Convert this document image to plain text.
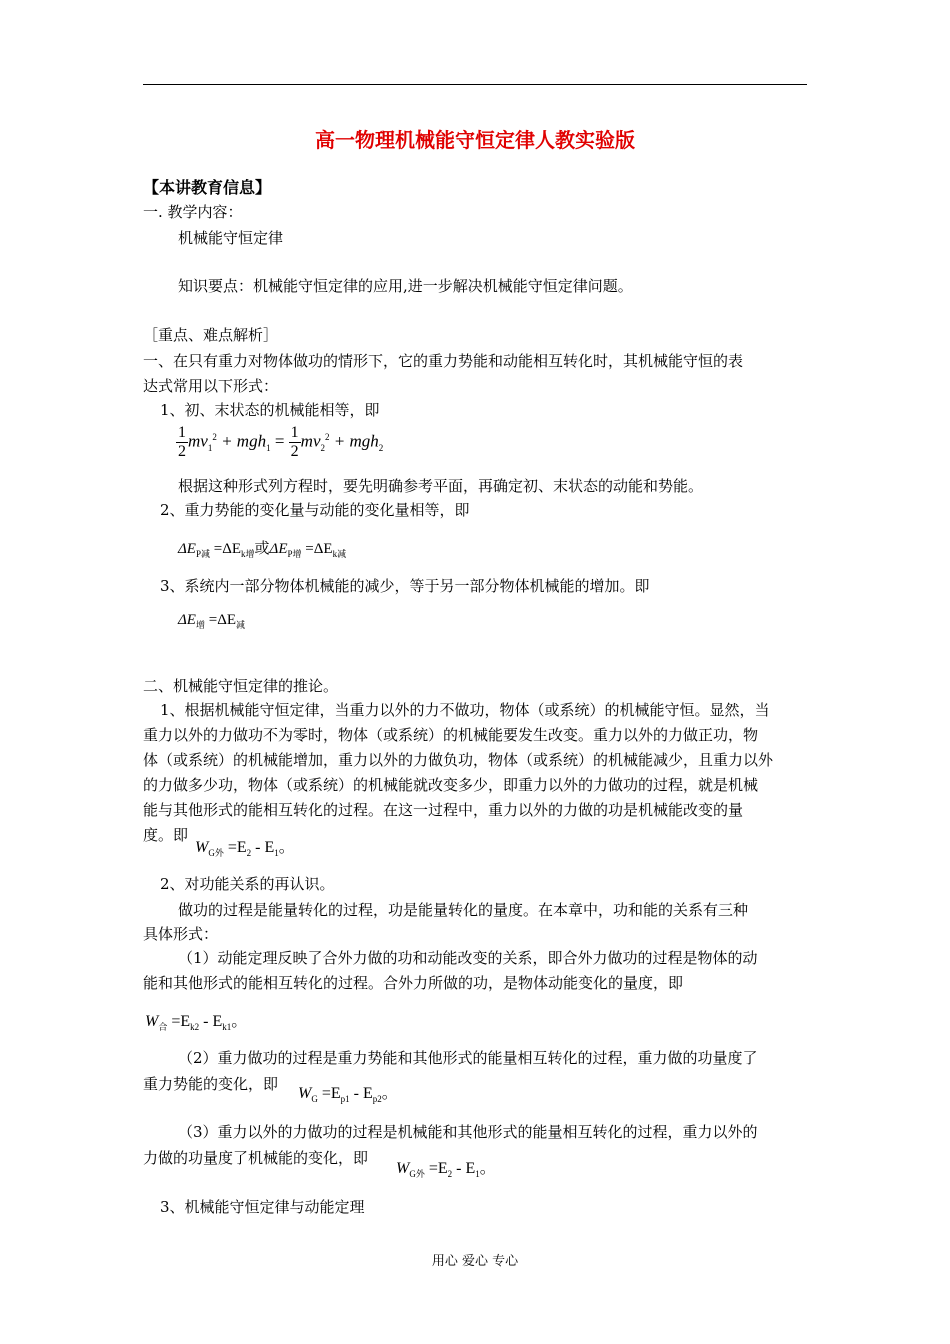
高一物理机械能守恒定律人教实验版
【本讲教育信息】
一. 教学内容：
机械能守恒定律
知识要点：机械能守恒定律的应用,进一步解决机械能守恒定律问题。
［重点、难点解析］
一、在只有重力对物体做功的情形下，它的重力势能和动能相互转化时，其机械能守恒的表
达式常用以下形式：
1、初、末状态的机械能相等，即
$\frac{1}{2} mv_1^2 + mgh_1 = \frac{1}{2} mv_2^2 + mgh_2$
根据这种形式列方程时，要先明确参考平面，再确定初、末状态的动能和势能。
2、重力势能的变化量与动能的变化量相等，即
$\Delta E_{P减} =\Delta E_{k增}$或$\Delta E_{P增} =\Delta E_{k减}$
3、系统内一部分物体机械能的减少，等于另一部分物体机械能的增加。即
$\Delta E_增 =\Delta E_减$
二、机械能守恒定律的推论。
1、根据机械能守恒定律，当重力以外的力不做功，物体（或系统）的机械能守恒。显然，当
重力以外的力做功不为零时，物体（或系统）的机械能要发生改变。重力以外的力做正功，物
体（或系统）的机械能增加，重力以外的力做负功，物体（或系统）的机械能减少，且重力以外
的力做多少功，物体（或系统）的机械能就改变多少，即重力以外的力做功的过程，就是机械
能与其他形式的能相互转化的过程。在这一过程中，重力以外的力做的功是机械能改变的量
度。即
$W_{G外} =E_2 - E_1$。
2、对功能关系的再认识。
做功的过程是能量转化的过程，功是能量转化的量度。在本章中，功和能的关系有三种
具体形式：
（1）动能定理反映了合外力做的功和动能改变的关系，即合外力做功的过程是物体的动
能和其他形式的能相互转化的过程。合外力所做的功，是物体动能变化的量度，即
$W_合 =E_{k2} - E_{k1}$。
（2）重力做功的过程是重力势能和其他形式的能量相互转化的过程，重力做的功量度了
重力势能的变化，即
$W_G =E_{p1} - E_{p2}$。
（3）重力以外的力做功的过程是机械能和其他形式的能量相互转化的过程，重力以外的
力做的功量度了机械能的变化，即
$W_{G外} =E_2 - E_1$。
3、机械能守恒定律与动能定理
用心 爱心 专心
